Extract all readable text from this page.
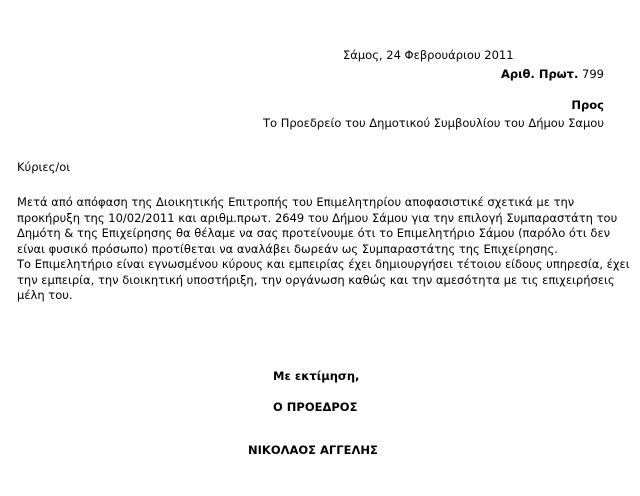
Σάμος, 24 Φεβρουάριου 2011
Αριθ. Πρωτ. 799
Προς
Το Προεδρείο του Δημοτικού Συμβουλίου του Δήμου Σαμου
Κύριες/οι
Μετά από απόφαση της Διοικητικής Επιτροπής του Επιμελητηρίου αποφασιστικέ σχετικά με την
προκήρυξη της 10/02/2011 και αριθμ.πρωτ. 2649 του Δήμου Σάμου για την επιλογή Συμπαραστάτη του
Δημότη & της Επιχείρησης θα θέλαμε να σας προτείνουμε ότι το Επιμελητήριο Σάμου (παρόλο ότι δεν
είναι φυσικό πρόσωπο) προτίθεται να αναλάβει δωρεάν ως Συμπαραστάτης της Επιχείρησης.
Το Επιμελητήριο είναι εγνωσμένου κύρους και εμπειρίας έχει δημιουργήσει τέτοιου είδους υπηρεσία, έχει
την εμπειρία, την διοικητική υποστήριξη, την οργάνωση καθώς και την αμεσότητα με τις επιχειρήσεις
μέλη του.
Με εκτίμηση,
Ο ΠΡΟΕΔΡΟΣ
ΝΙΚΟΛΑΟΣ ΑΓΓΕΛΗΣ
